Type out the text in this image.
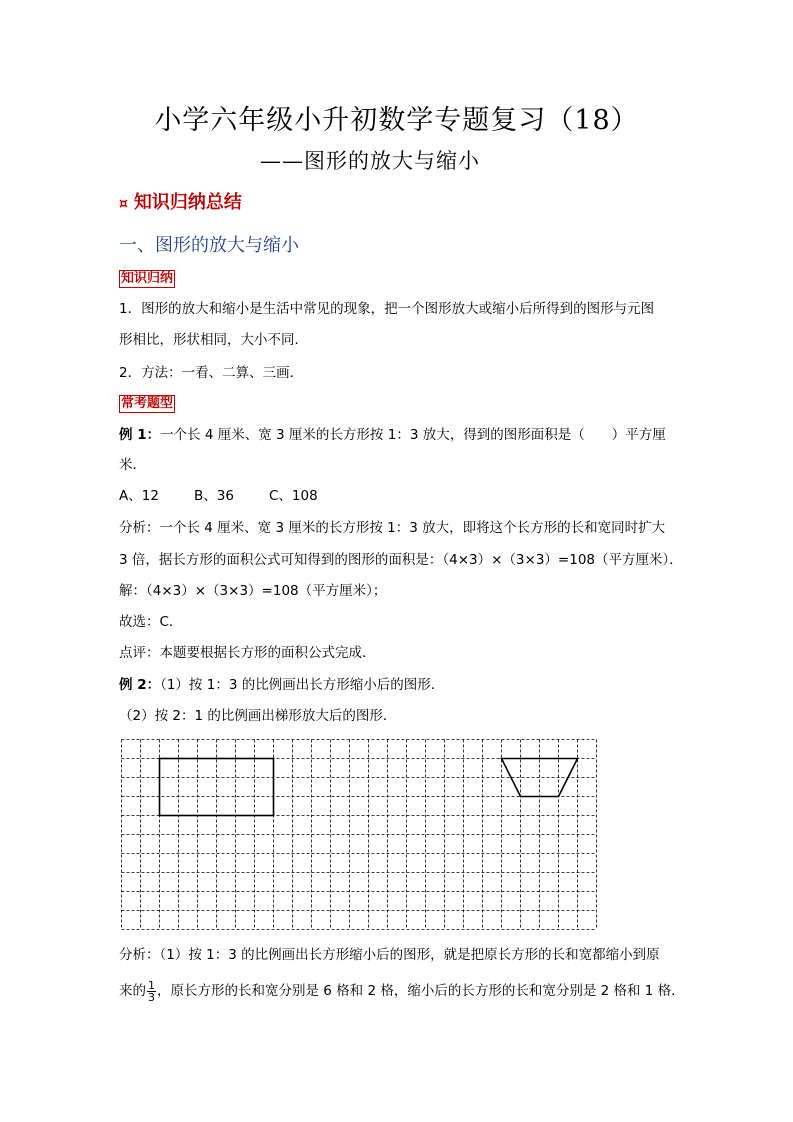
小学六年级小升初数学专题复习（18）
——图形的放大与缩小
¤ 知识归纳总结
一、图形的放大与缩小
知识归纳
1．图形的放大和缩小是生活中常见的现象，把一个图形放大或缩小后所得到的图形与元图
形相比，形状相同，大小不同．
2．方法：一看、二算、三画．
常考题型
例 1：一个长 4 厘米、宽 3 厘米的长方形按 1：3 放大，得到的图形面积是（　　）平方厘
米．
A、12	B、36	C、108
分析：一个长 4 厘米、宽 3 厘米的长方形按 1：3 放大，即将这个长方形的长和宽同时扩大
3 倍，据长方形的面积公式可知得到的图形的面积是：（4×3）×（3×3）=108（平方厘米）．
解：（4×3）×（3×3）=108（平方厘米）；
故选：C．
点评：本题要根据长方形的面积公式完成．
例 2：（1）按 1：3 的比例画出长方形缩小后的图形．
（2）按 2：1 的比例画出梯形放大后的图形．
分析：（1）按 1：3 的比例画出长方形缩小后的图形，就是把原长方形的长和宽都缩小到原
来的 $\frac{1}{3}$ ，原长方形的长和宽分别是 6 格和 2 格，缩小后的长方形的长和宽分别是 2 格和 1 格．
